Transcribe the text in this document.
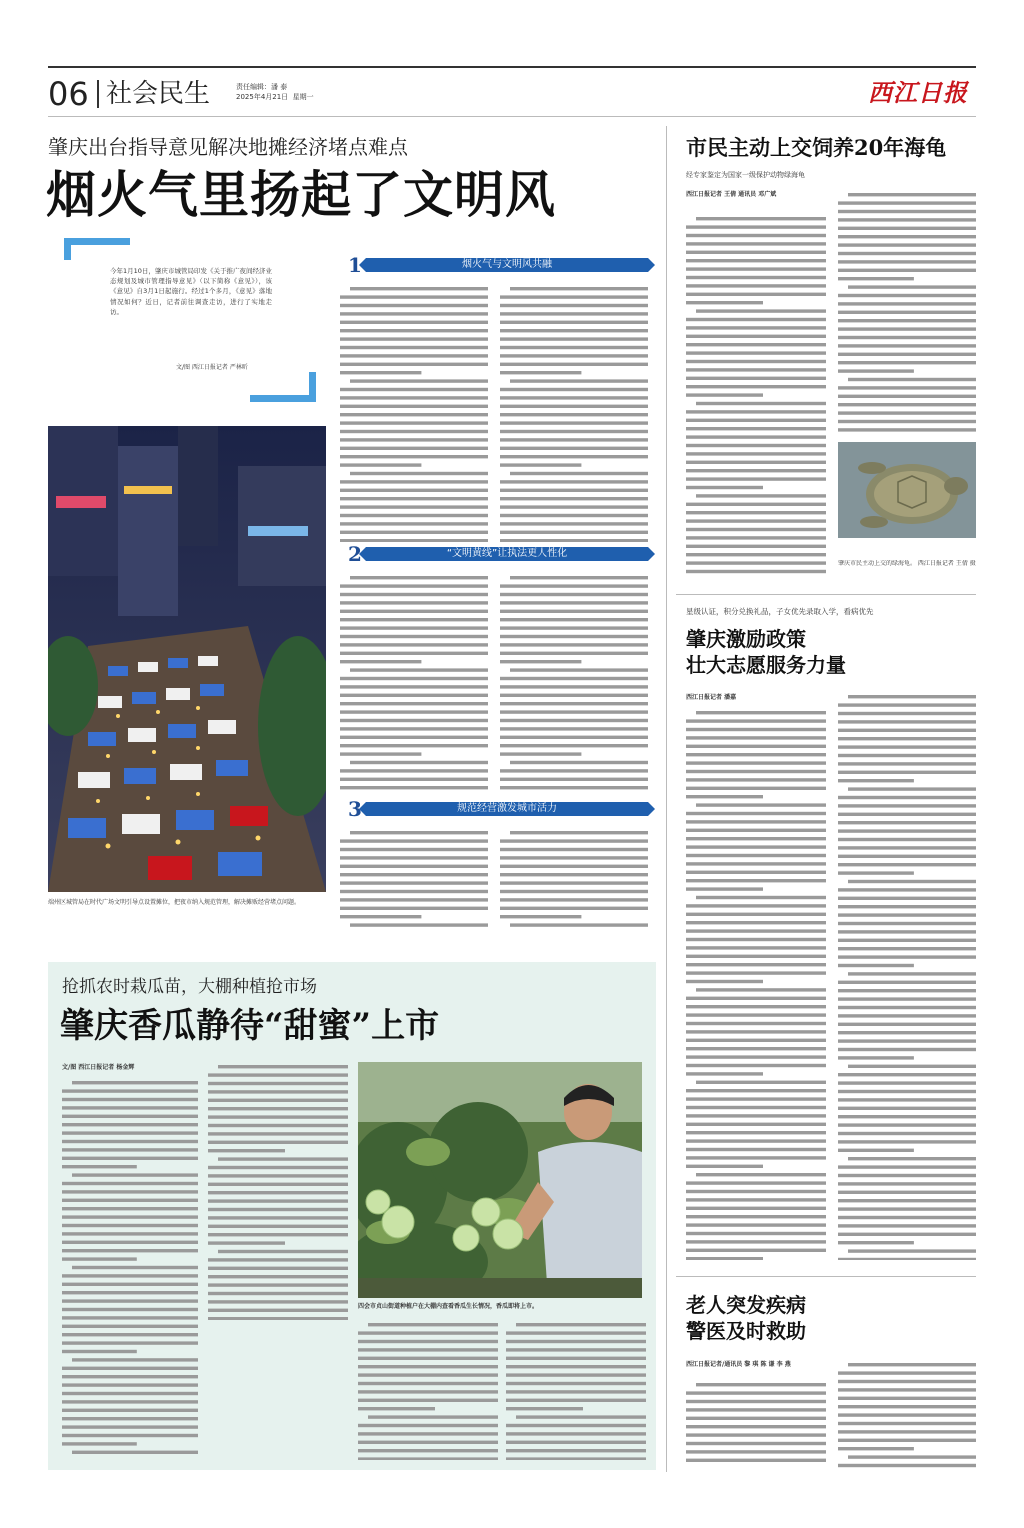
06 社会民生	责任编辑：潘 泰
2025年4月21日 星期一	西江日报
肇庆出台指导意见解决地摊经济堵点难点
烟火气里扬起了文明风
今年1月10日，肇庆市城管局印发《关于推广夜间经济业态规划及城市管理指导意见》（以下简称《意见》），该《意见》自3月1日起施行。经过1个多月，《意见》落地情况如何？近日，记者前往调查走访，进行了实地走访。
文/图 西江日报记者 严林昕
端州区城管局在时代广场文明引导点设置摊位，把夜市纳入规范管理，解决摊贩经营堵点问题。
1	烟火气与文明风共融
2	“文明黄线”让执法更人性化
3	规范经营激发城市活力
市民主动上交饲养20年海龟
经专家鉴定为国家一级保护动物绿海龟
西江日报记者 王倩 通讯员 邓广斌
肇庆市民主动上交的绿海龟。 西江日报记者 王倩 摄
星级认证，积分兑换礼品，子女优先录取入学，看病优先
肇庆激励政策
壮大志愿服务力量
西江日报记者 潘嘉
老人突发疾病
警医及时救助
西江日报记者/通讯员 黎 琪 陈 谦 李 燕
抢抓农时栽瓜苗，大棚种植抢市场
肇庆香瓜静待“甜蜜”上市
文/图 西江日报记者 杨金辉
四会市贞山街道种植户在大棚内查看香瓜生长情况，香瓜即将上市。
